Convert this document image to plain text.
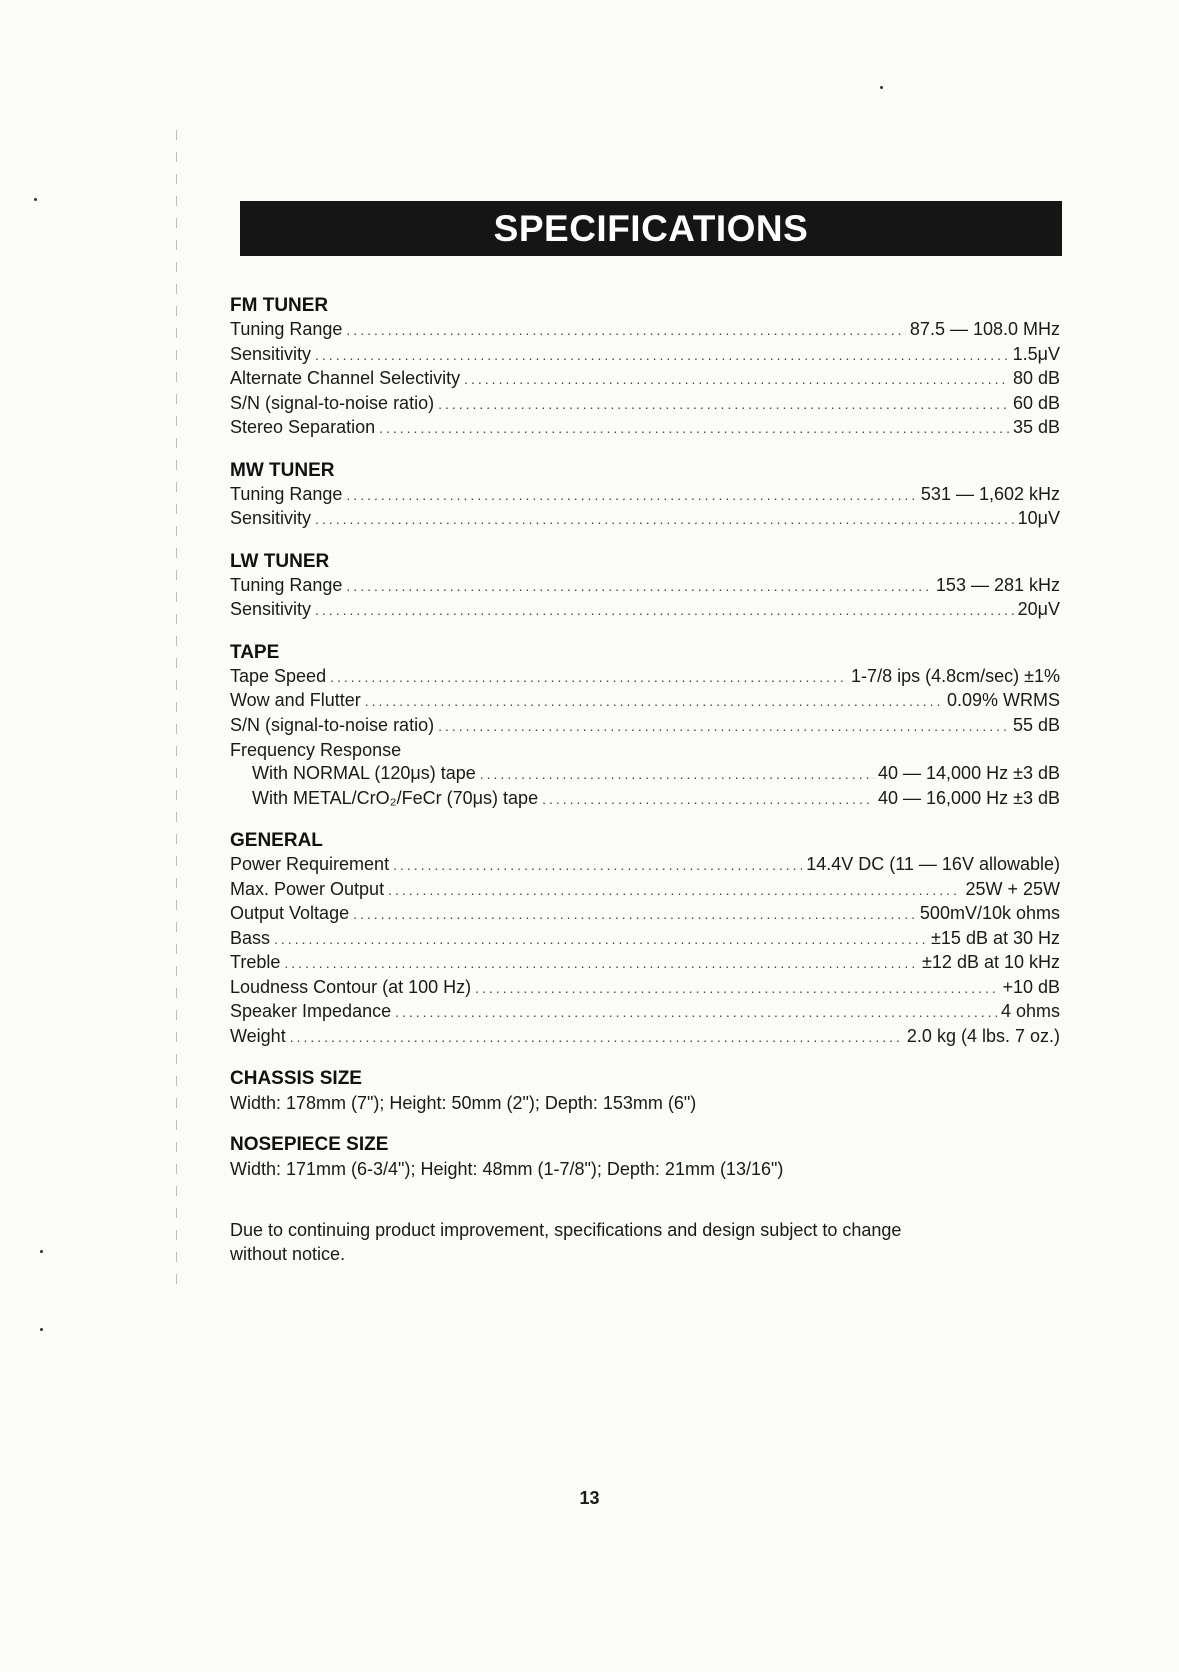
SPECIFICATIONS
FM TUNER
Tuning Range .....	87.5 — 108.0 MHz
Sensitivity .....	1.5μV
Alternate Channel Selectivity .....	80 dB
S/N (signal-to-noise ratio) .....	60 dB
Stereo Separation .....	35 dB
MW TUNER
Tuning Range .....	531 — 1,602 kHz
Sensitivity .....	10μV
LW TUNER
Tuning Range .....	153 — 281 kHz
Sensitivity .....	20μV
TAPE
Tape Speed .....	1-7/8 ips (4.8cm/sec) ±1%
Wow and Flutter .....	0.09% WRMS
S/N (signal-to-noise ratio) .....	55 dB
Frequency Response
With NORMAL (120μs) tape .....	40 — 14,000 Hz ±3 dB
With METAL/CrO₂/FeCr (70μs) tape .....	40 — 16,000 Hz ±3 dB
GENERAL
Power Requirement .....	14.4V DC (11 — 16V allowable)
Max. Power Output .....	25W + 25W
Output Voltage .....	500mV/10k ohms
Bass .....	±15 dB at 30 Hz
Treble .....	±12 dB at 10 kHz
Loudness Contour (at 100 Hz) .....	+10 dB
Speaker Impedance .....	4 ohms
Weight .....	2.0 kg (4 lbs. 7 oz.)
CHASSIS SIZE
Width: 178mm (7"); Height: 50mm (2"); Depth: 153mm (6")
NOSEPIECE SIZE
Width: 171mm (6-3/4"); Height: 48mm (1-7/8"); Depth: 21mm (13/16")
Due to continuing product improvement, specifications and design subject to change
without notice.
13
